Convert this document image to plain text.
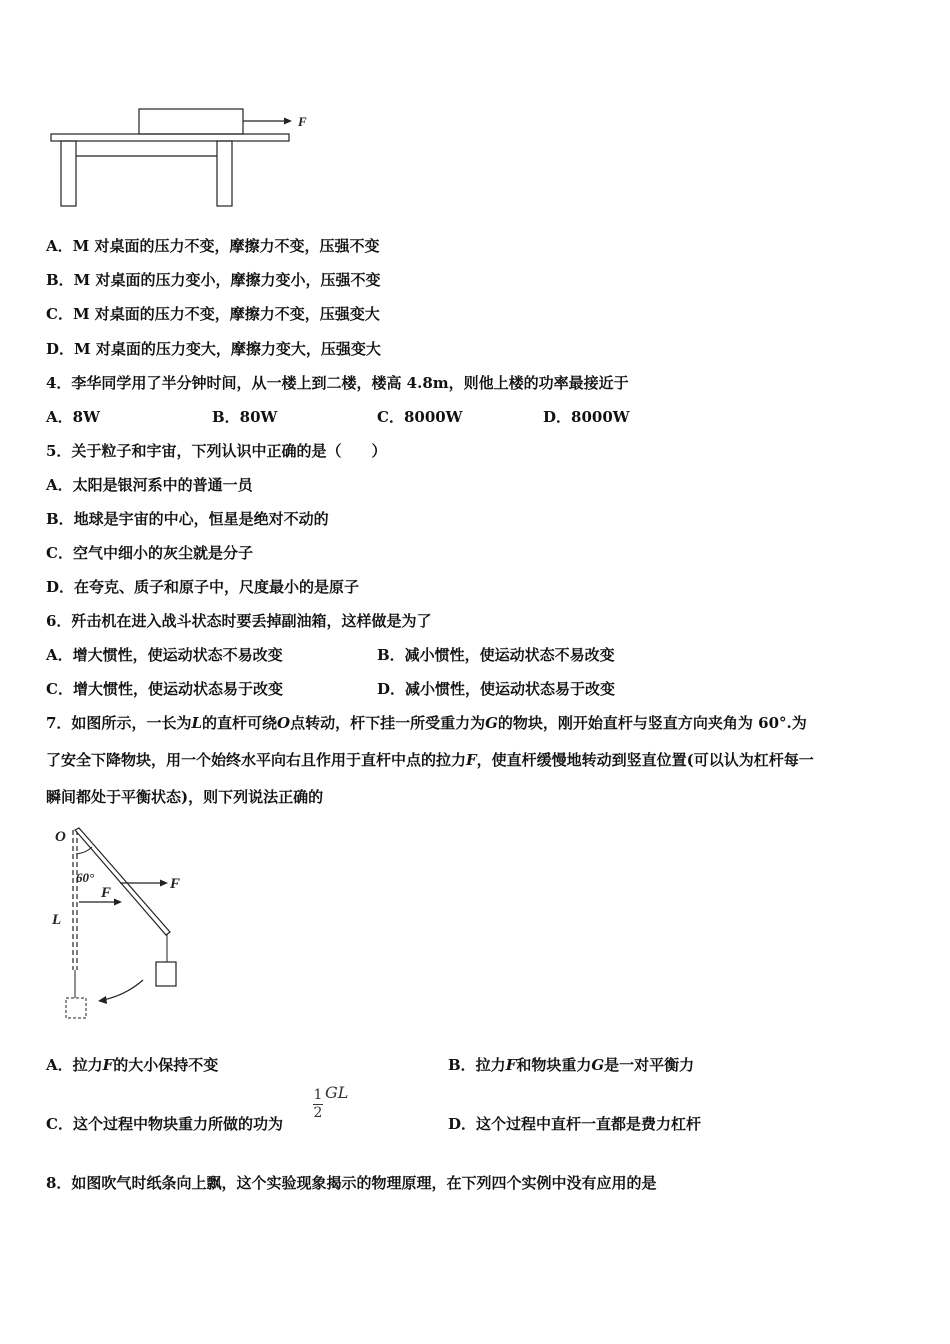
F
A．M 对桌面的压力不变，摩擦力不变，压强不变
B．M 对桌面的压力变小，摩擦力变小，压强不变
C．M 对桌面的压力不变，摩擦力不变，压强变大
D．M 对桌面的压力变大，摩擦力变大，压强变大
4．李华同学用了半分钟时间，从一楼上到二楼，楼高 4.8m，则他上楼的功率最接近于
A．8W	B．80W	C．8000W	D．8000W
5．关于粒子和宇宙，下列认识中正确的是（　　）
A．太阳是银河系中的普通一员
B．地球是宇宙的中心，恒星是绝对不动的
C．空气中细小的灰尘就是分子
D．在夸克、质子和原子中，尺度最小的是原子
6．歼击机在进入战斗状态时要丢掉副油箱，这样做是为了
A．增大惯性，使运动状态不易改变	B．减小惯性，使运动状态不易改变
C．增大惯性，使运动状态易于改变	D．减小惯性，使运动状态易于改变
7．如图所示，一长为L的直杆可绕O点转动，杆下挂一所受重力为G的物块，刚开始直杆与竖直方向夹角为 60°.为
了安全下降物块，用一个始终水平向右且作用于直杆中点的拉力F，使直杆缓慢地转动到竖直位置(可以认为杠杆每一
瞬间都处于平衡状态)，则下列说法正确的
O
60°	F
F
L
A．拉力F的大小保持不变	B．拉力F和物块重力G是一对平衡力
C．这个过程中物块重力所做的功为
$\frac{1}{2}$ GL
D．这个过程中直杆一直都是费力杠杆
8．如图吹气时纸条向上飘，这个实验现象揭示的物理原理，在下列四个实例中没有应用的是
